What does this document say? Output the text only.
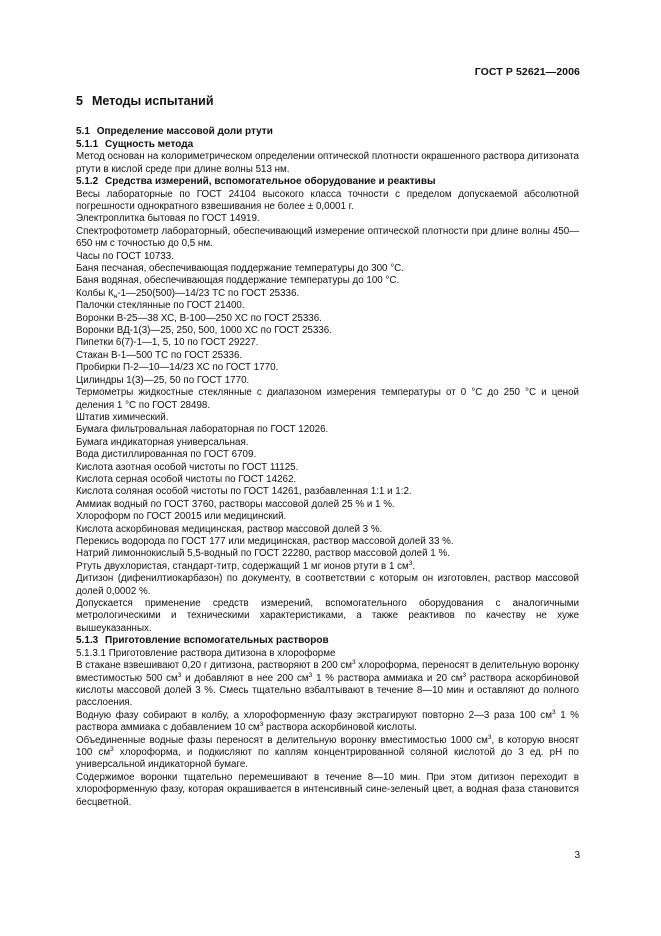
ГОСТ Р 52621—2006
5 Методы испытаний
5.1 Определение массовой доли ртути
5.1.1 Сущность метода

Метод основан на колориметрическом определении оптической плотности окрашенного раствора дитизоната ртути в кислой среде при длине волны 513 нм.

5.1.2 Средства измерений, вспомогательное оборудование и реактивы

Весы лабораторные по ГОСТ 24104 высокого класса точности с пределом допускаемой абсолютной погрешности однократного взвешивания не более ± 0,0001 г.

Электроплитка бытовая по ГОСТ 14919.

Спектрофотометр лабораторный, обеспечивающий измерение оптической плотности при длине волны 450—650 нм с точностью до 0,5 нм.

Часы по ГОСТ 10733.

Баня песчаная, обеспечивающая поддержание температуры до 300 °С.

Баня водяная, обеспечивающая поддержание температуры до 100 °С.

Колбы $К_н-1—250(500)—14/23$ ТС по ГОСТ 25336.

Палочки стеклянные по ГОСТ 21400.

Воронки В-25—38 ХС, В-100—250 ХС по ГОСТ 25336.

Воронки ВД-1(3)—25, 250, 500, 1000 ХС по ГОСТ 25336.

Пипетки 6(7)-1—1, 5, 10 по ГОСТ 29227.

Стакан В-1—500 ТС по ГОСТ 25336.

Пробирки П-2—10—14/23 ХС по ГОСТ 1770.

Цилиндры 1(3)—25, 50 по ГОСТ 1770.

Термометры жидкостные стеклянные с диапазоном измерения температуры от 0 °С до 250 °С и ценой деления 1 °С по ГОСТ 28498.

Штатив химический.

Бумага фильтровальная лабораторная по ГОСТ 12026.

Бумага индикаторная универсальная.

Вода дистиллированная по ГОСТ 6709.

Кислота азотная особой чистоты по ГОСТ 11125.

Кислота серная особой чистоты по ГОСТ 14262.

Кислота соляная особой чистоты по ГОСТ 14261, разбавленная 1:1 и 1:2.

Аммиак водный по ГОСТ 3760, растворы массовой долей 25 % и 1 %.

Хлороформ по ГОСТ 20015 или медицинский.

Кислота аскорбиновая медицинская, раствор массовой долей 3 %.

Перекись водорода по ГОСТ 177 или медицинская, раствор массовой долей 33 %.

Натрий лимоннокислый 5,5-водный по ГОСТ 22280, раствор массовой долей 1 %.

Ртуть двухлористая, стандарт-титр, содержащий 1 мг ионов ртути в 1 $см^3$.

Дитизон (дифенилтиокарбазон) по документу, в соответствии с которым он изготовлен, раствор массовой долей 0,0002 %.

Допускается применение средств измерений, вспомогательного оборудования с аналогичными метрологическими и техническими характеристиками, а также реактивов по качеству не хуже вышеуказанных.

5.1.3 Приготовление вспомогательных растворов

5.1.3.1 Приготовление раствора дитизона в хлороформе

В стакане взвешивают 0,20 г дитизона, растворяют в 200 $см^3$ хлороформа, переносят в делительную воронку вместимостью 500 $см^3$ и добавляют в нее 200 $см^3$ 1 % раствора аммиака и 20 $см^3$ раствора аскорбиновой кислоты массовой долей 3 %. Смесь тщательно взбалтывают в течение 8—10 мин и оставляют до полного расслоения.

Водную фазу собирают в колбу, а хлороформенную фазу экстрагируют повторно 2—3 раза 100 $см^3$ 1 % раствора аммиака с добавлением 10 $см^3$ раствора аскорбиновой кислоты.

Объединенные водные фазы переносят в делительную воронку вместимостью 1000 $см^3$, в которую вносят 100 $см^3$ хлороформа, и подкисляют по каплям концентрированной соляной кислотой до 3 ед. рН по универсальной индикаторной бумаге.

Содержимое воронки тщательно перемешивают в течение 8—10 мин. При этом дитизон переходит в хлороформенную фазу, которая окрашивается в интенсивный сине-зеленый цвет, а водная фаза становится бесцветной.

3
